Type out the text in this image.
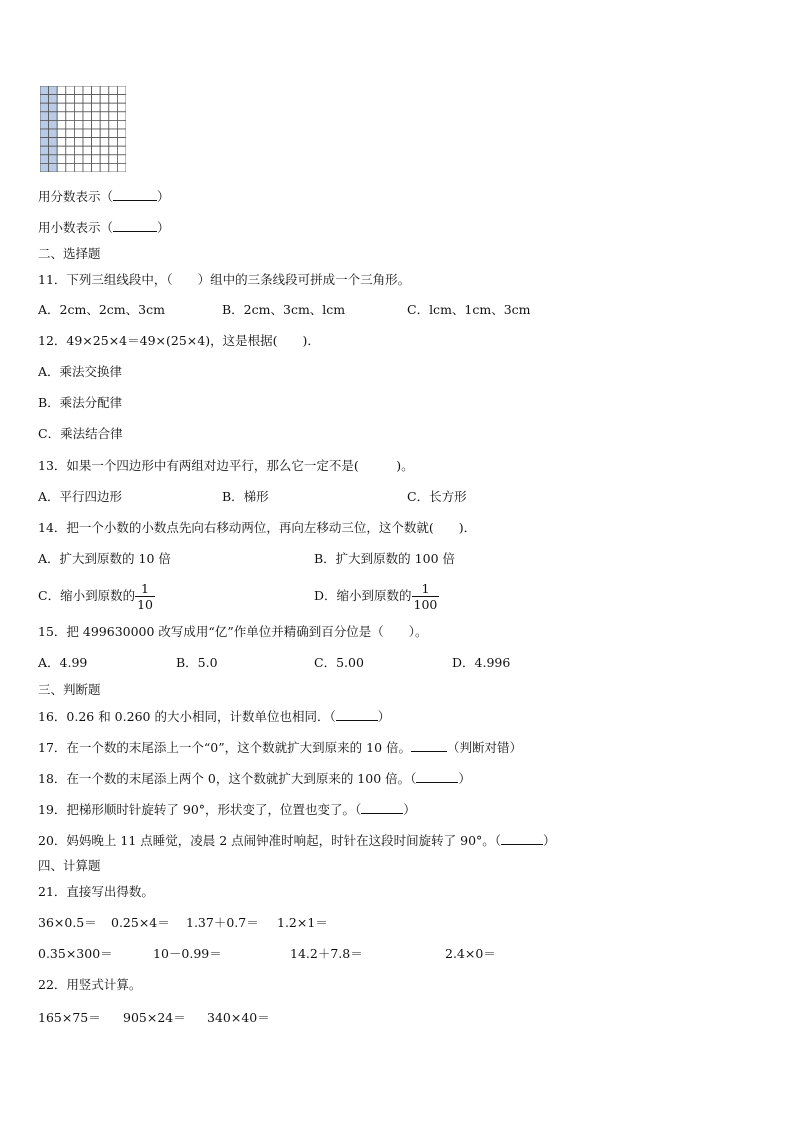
用分数表示（	）
用小数表示（	）
二、选择题
11．下列三组线段中，（　　）组中的三条线段可拼成一个三角形。
A．2cm、2cm、3cm	B．2cm、3cm、lcm	C．lcm、1cm、3cm
12．49×25×4＝49×(25×4)，这是根据(　　)．
A．乘法交换律
B．乘法分配律
C．乘法结合律
13．如果一个四边形中有两组对边平行，那么它一定不是(　　　)。
A．平行四边形	B．梯形	C．长方形
14．把一个小数的小数点先向右移动两位，再向左移动三位，这个数就(　　)．
A．扩大到原数的 10 倍	B．扩大到原数的 100 倍
C．缩小到原数的 $\frac{1}{10}$	D．缩小到原数的 $\frac{1}{100}$
15．把 499630000 改写成用“亿”作单位并精确到百分位是（　　）。
A．4.99	B．5.0	C．5.00	D．4.996
三、判断题
16．0.26 和 0.260 的大小相同，计数单位也相同．（	）
17．在一个数的末尾添上一个“0”，这个数就扩大到原来的 10 倍。	（判断对错）
18．在一个数的末尾添上两个 0，这个数就扩大到原来的 100 倍。（	）
19．把梯形顺时针旋转了 90°，形状变了，位置也变了。（	）
20．妈妈晚上 11 点睡觉，凌晨 2 点闹钟准时响起，时针在这段时间旋转了 90°。（	）
四、计算题
21．直接写出得数。
36×0.5＝ 0.25×4＝ 1.37＋0.7＝ 1.2×1＝
0.35×300＝	10－0.99＝	14.2＋7.8＝	2.4×0＝
22．用竖式计算。
165×75＝ 905×24＝ 340×40＝
